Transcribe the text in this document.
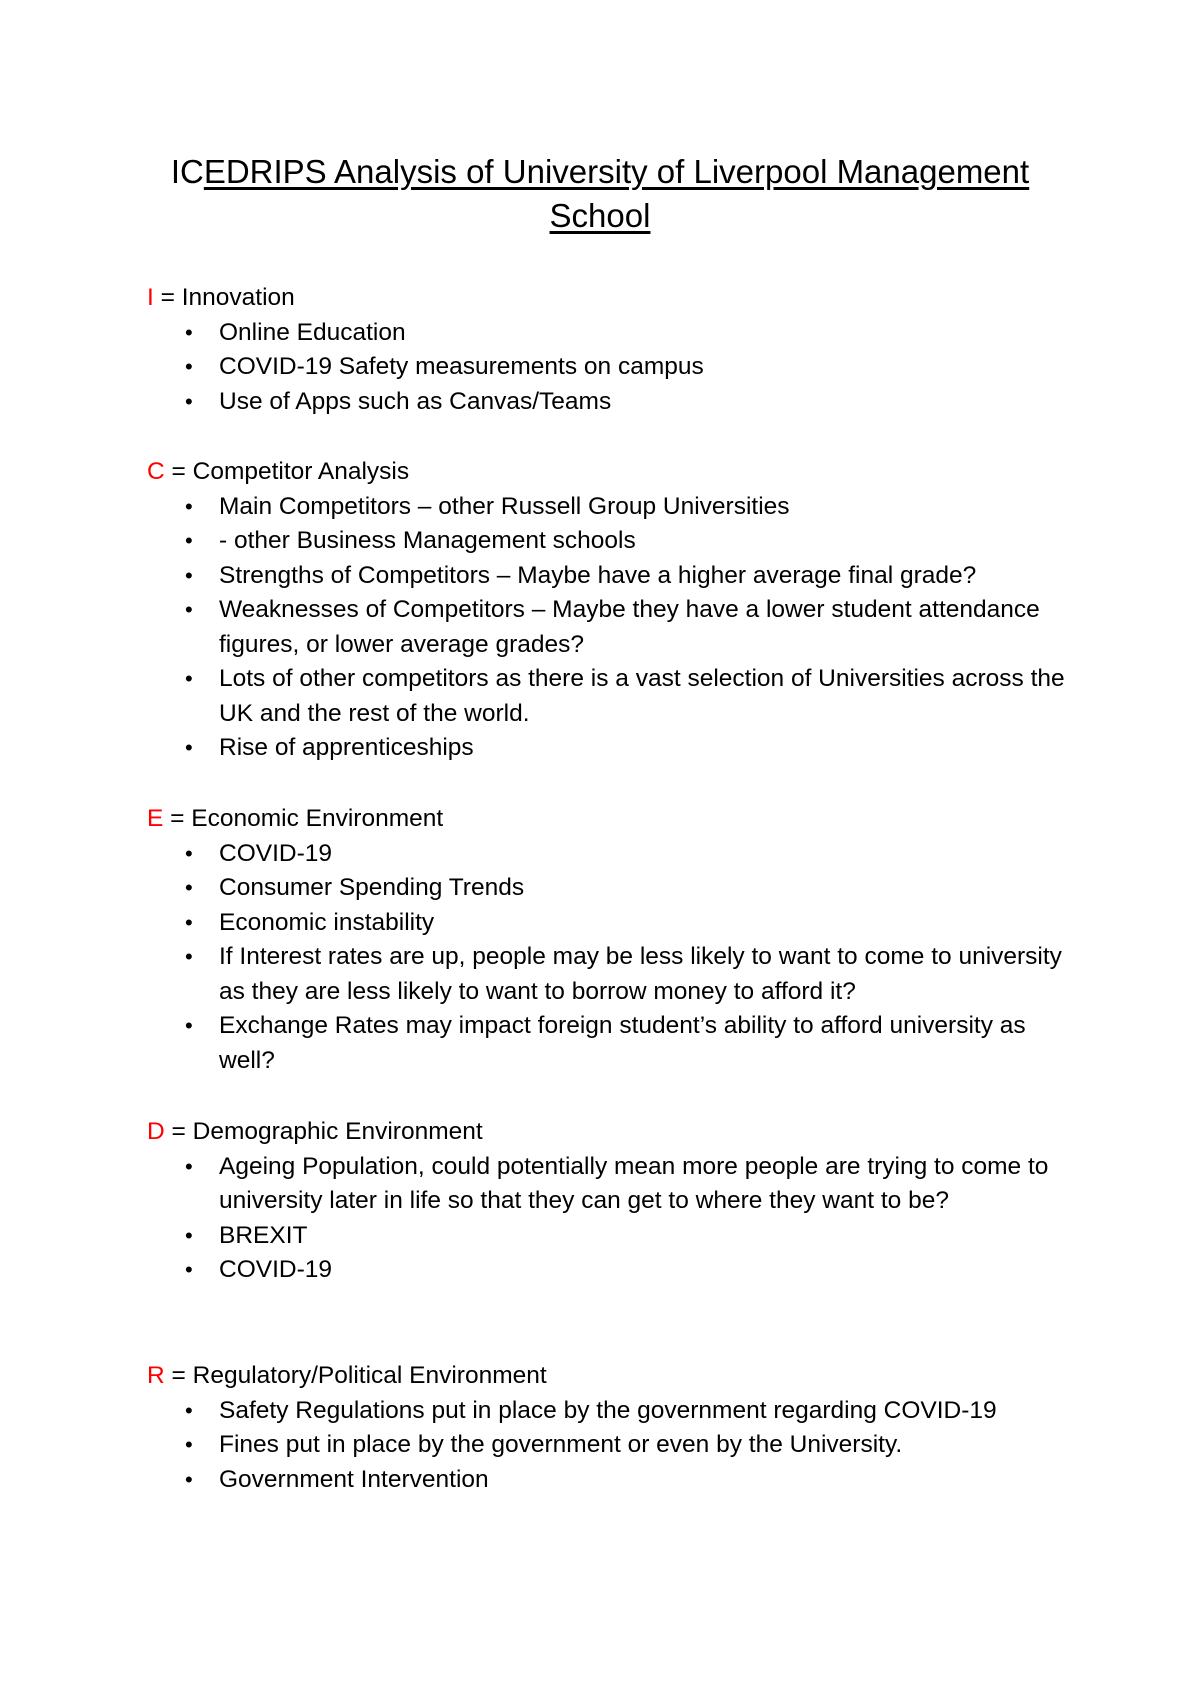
ICEDRIPS Analysis of University of Liverpool Management School
I = Innovation
• Online Education
• COVID-19 Safety measurements on campus
• Use of Apps such as Canvas/Teams
C = Competitor Analysis
• Main Competitors – other Russell Group Universities
• - other Business Management schools
• Strengths of Competitors – Maybe have a higher average final grade?
• Weaknesses of Competitors – Maybe they have a lower student attendance figures, or lower average grades?
• Lots of other competitors as there is a vast selection of Universities across the UK and the rest of the world.
• Rise of apprenticeships
E = Economic Environment
• COVID-19
• Consumer Spending Trends
• Economic instability
• If Interest rates are up, people may be less likely to want to come to university as they are less likely to want to borrow money to afford it?
• Exchange Rates may impact foreign student’s ability to afford university as well?
D = Demographic Environment
• Ageing Population, could potentially mean more people are trying to come to university later in life so that they can get to where they want to be?
• BREXIT
• COVID-19
R = Regulatory/Political Environment
• Safety Regulations put in place by the government regarding COVID-19
• Fines put in place by the government or even by the University.
• Government Intervention
